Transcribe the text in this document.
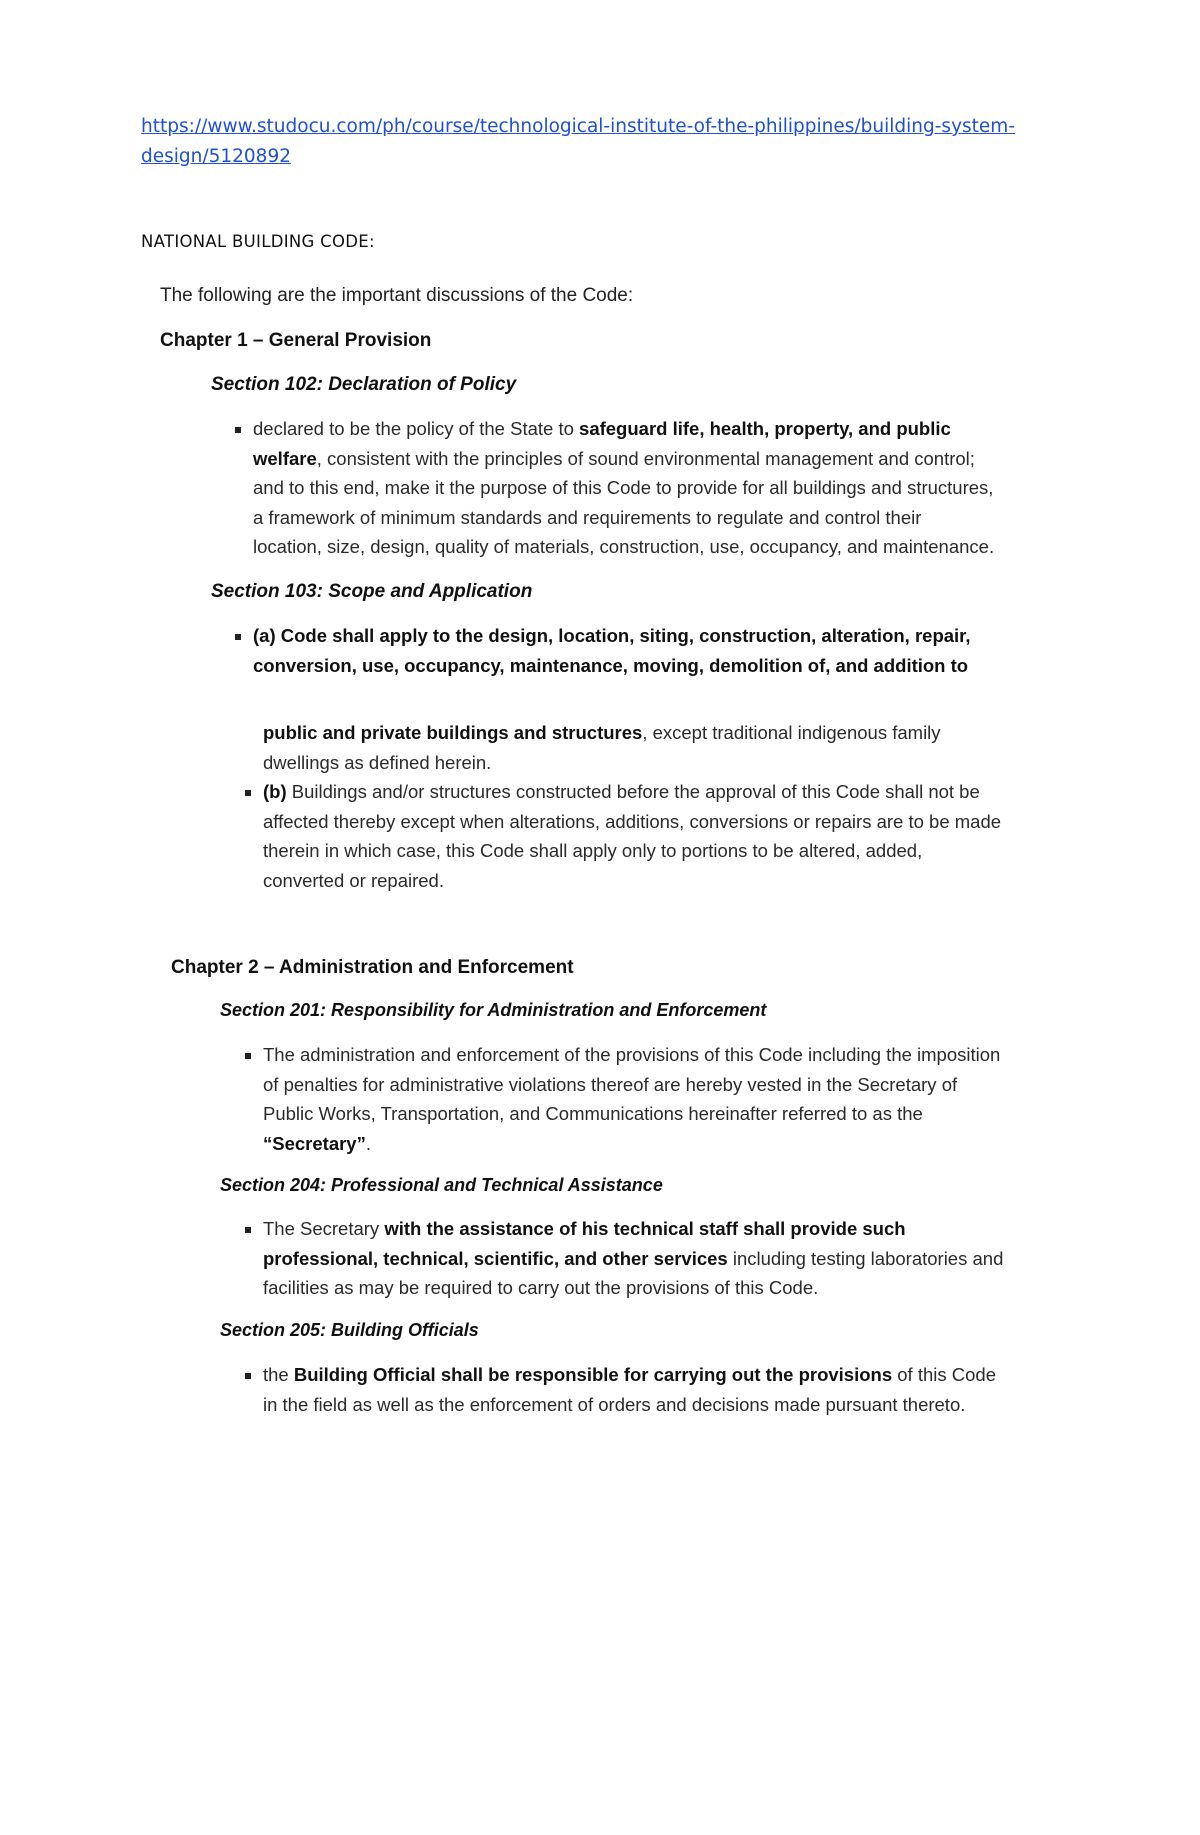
https://www.studocu.com/ph/course/technological-institute-of-the-philippines/building-system-
design/5120892
NATIONAL BUILDING CODE:
The following are the important discussions of the Code:
Chapter 1 – General Provision
Section 102: Declaration of Policy
declared to be the policy of the State to safeguard life, health, property, and public
welfare, consistent with the principles of sound environmental management and control;
and to this end, make it the purpose of this Code to provide for all buildings and structures,
a framework of minimum standards and requirements to regulate and control their
location, size, design, quality of materials, construction, use, occupancy, and maintenance.
Section 103: Scope and Application
(a) Code shall apply to the design, location, siting, construction, alteration, repair,
conversion, use, occupancy, maintenance, moving, demolition of, and addition to
public and private buildings and structures, except traditional indigenous family
dwellings as defined herein.
(b) Buildings and/or structures constructed before the approval of this Code shall not be
affected thereby except when alterations, additions, conversions or repairs are to be made
therein in which case, this Code shall apply only to portions to be altered, added,
converted or repaired.
Chapter 2 – Administration and Enforcement
Section 201: Responsibility for Administration and Enforcement
The administration and enforcement of the provisions of this Code including the imposition
of penalties for administrative violations thereof are hereby vested in the Secretary of
Public Works, Transportation, and Communications hereinafter referred to as the
“Secretary”.
Section 204: Professional and Technical Assistance
The Secretary with the assistance of his technical staff shall provide such
professional, technical, scientific, and other services including testing laboratories and
facilities as may be required to carry out the provisions of this Code.
Section 205: Building Officials
the Building Official shall be responsible for carrying out the provisions of this Code
in the field as well as the enforcement of orders and decisions made pursuant thereto.
